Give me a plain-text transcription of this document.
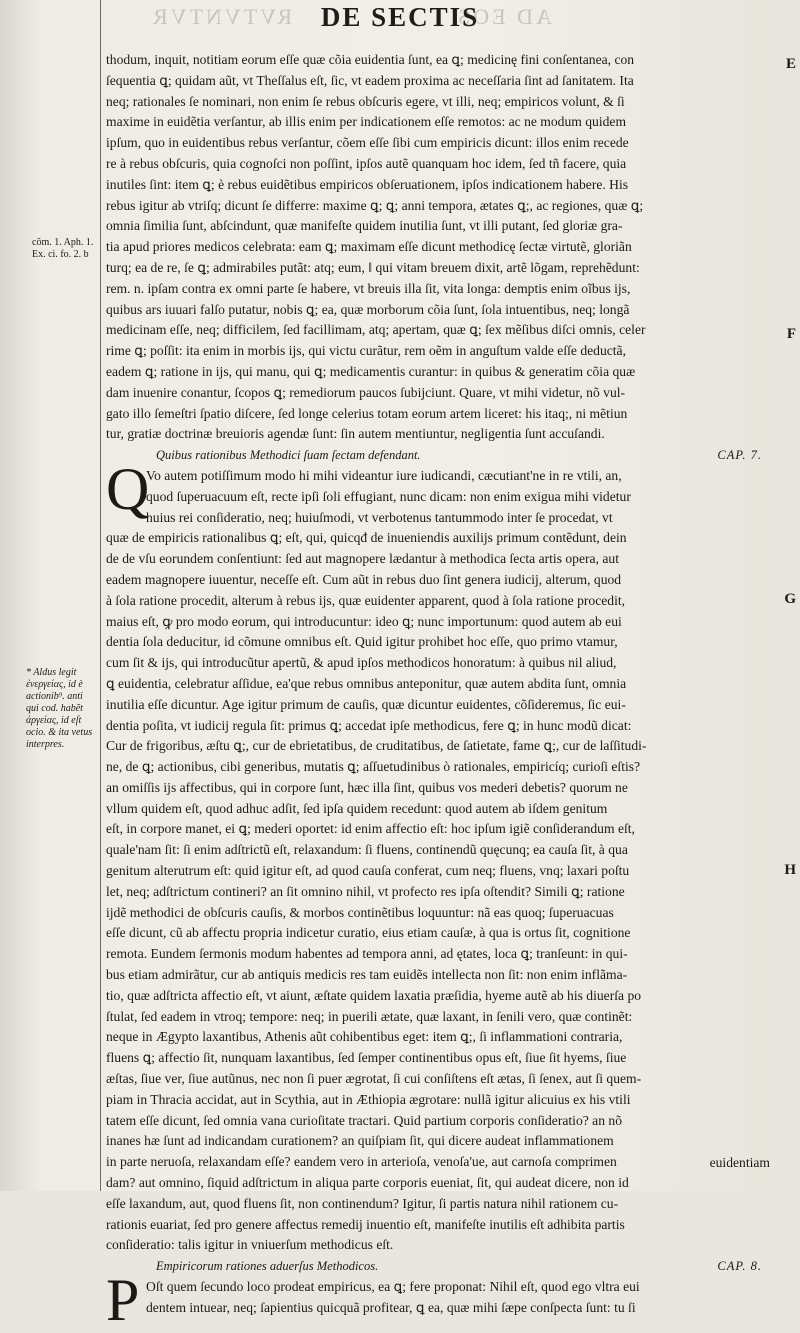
RVTVNTVR	AD EOS
DE SECTIS
cõm. 1. Aph. 1. Ex. ci. fo. 2. b
* Aldus legit ἐνεργείας, id è actionib⁹. anti qui cod. habẽt ἀργείας, id eſt ocio. & ita vetus interpres.
E
F
G
H
thodum, inquit, notitiam eorum eſſe quæ cõia euidentia ſunt, ea ꝗ; medicinę fini conſentanea, con
ſequentia ꝗ; quidam aũt, vt Theſſalus eſt, ſic, vt eadem proxima ac neceſſaria ſint ad ſanitatem. Ita
neq; rationales ſe nominari, non enim ſe rebus obſcuris egere, vt illi, neq; empiricos volunt, & ſi
maxime in euidẽtia verſantur, ab illis enim per indicationem eſſe remotos: ac ne modum quidem
ipſum, quo in euidentibus rebus verſantur, cõem eſſe ſibi cum empiricis dicunt: illos enim recede
re à rebus obſcuris, quia cognoſci non poſſint, ipſos autẽ quanquam hoc idem, ſed tñ facere, quia
inutiles ſint: item ꝗ; è rebus euidẽtibus empiricos obſeruationem, ipſos indicationem habere. His
rebus igitur ab vtriſq; dicunt ſe differre: maxime ꝗ; ꝗ; anni tempora, ætates ꝗ;, ac regiones, quæ ꝗ;
omnia ſimilia ſunt, abſcindunt, quæ manifeſte quidem inutilia ſunt, vt illi putant, ſed gloriæ gra-
tia apud priores medicos celebrata: eam ꝗ; maximam eſſe dicunt methodicę ſectæ virtutẽ, gloriãn
turq; ea de re, ſe ꝗ; admirabiles putãt: atq; eum, ‖ qui vitam breuem dixit, artẽ lõgam, reprehẽdunt:
rem. n. ipſam contra ex omni parte ſe habere, vt breuis illa ſit, vita longa: demptis enim oĩbus ijs,
quibus ars iuuari falſo putatur, nobis ꝗ; ea, quæ morborum cõia ſunt, ſola intuentibus, neq; longã
medicinam eſſe, neq; difficilem, ſed facillimam, atq; apertam, quæ ꝗ; ſex mẽſibus diſci omnis, celer
rime ꝗ; poſſit: ita enim in morbis ijs, qui victu curãtur, rem oẽm in anguſtum valde eſſe deductã,
eadem ꝗ; ratione in ijs, qui manu, qui ꝗ; medicamentis curantur: in quibus & generatim cõia quæ
dam inuenire conantur, ſcopos ꝗ; remediorum paucos ſubijciunt. Quare, vt mihi videtur, nõ vul-
gato illo ſemeſtri ſpatio diſcere, ſed longe celerius totam eorum artem liceret: his itaq;, ni mẽtiun
tur, gratiæ doctrinæ breuioris agendæ ſunt: ſin autem mentiuntur, negligentia ſunt accuſandi.
Quibus rationibus Methodici ſuam ſectam defendant.	CAP. 7.
Q
Vo autem potiſſimum modo hi mihi videantur iure iudicandi, cæcutiant'ne in re vtili, an,
quod ſuperuacuum eſt, recte ipſi ſoli effugiant, nunc dicam: non enim exigua mihi videtur
huius rei conſideratio, neq; huiuſmodi, vt verbotenus tantummodo inter ſe procedat, vt
quæ de empiricis rationalibus ꝗ; eſt, qui, quicqđ de inueniendis auxilijs primum contẽdunt, dein
de de vſu eorundem conſentiunt: ſed aut magnopere lædantur à methodica ſecta artis opera, aut
eadem magnopere iuuentur, neceſſe eſt. Cum aũt in rebus duo ſint genera iudicij, alterum, quod
à ſola ratione procedit, alterum à rebus ijs, quæ euidenter apparent, quod à ſola ratione procedit,
maius eſt, ꝙ pro modo eorum, qui introducuntur: ideo ꝗ; nunc importunum: quod autem ab eui
dentia ſola deducitur, id cõmune omnibus eſt. Quid igitur prohibet hoc eſſe, quo primo vtamur,
cum ſit & ijs, qui introducũtur apertũ, & apud ipſos methodicos honoratum: à quibus nil aliud,
ꝗ euidentia, celebratur aſſidue, ea'que rebus omnibus anteponitur, quæ autem abdita ſunt, omnia
inutilia eſſe dicuntur. Age igitur primum de cauſis, quæ dicuntur euidentes, cõſideremus, ſic eui-
dentia poſita, vt iudicij regula ſit: primus ꝗ; accedat ipſe methodicus, fere ꝗ; in hunc modũ dicat:
Cur de frigoribus, æſtu ꝗ;, cur de ebrietatibus, de cruditatibus, de ſatietate, fame ꝗ;, cur de laſſitudi-
ne, de ꝗ; actionibus, cibi generibus, mutatis ꝗ; aſſuetudinibus ò rationales, empiricíq; curioſi eſtis?
an omiſſis ijs affectibus, qui in corpore ſunt, hæc illa ſint, quibus vos mederi debetis? quorum ne
vllum quidem eſt, quod adhuc adſit, ſed ipſa quidem recedunt: quod autem ab iſdem genitum
eſt, in corpore manet, ei ꝗ; mederi oportet: id enim affectio eſt: hoc ipſum igiẽ conſiderandum eſt,
quale'nam ſit: ſi enim adſtrictũ eſt, relaxandum: ſi fluens, continendũ quęcunq; ea cauſa ſit, à qua
genitum alterutrum eſt: quid igitur eſt, ad quod cauſa conferat, cum neq; fluens, vnq; laxari poſtu
let, neq; adſtrictum contineri? an ſit omnino nihil, vt profecto res ipſa oſtendit? Simili ꝗ; ratione
ijdẽ methodici de obſcuris cauſis, & morbos continẽtibus loquuntur: nã eas quoq; ſuperuacuas
eſſe dicunt, cũ ab affectu propria indicetur curatio, eius etiam cauſæ, à qua is ortus ſit, cognitione
remota. Eundem ſermonis modum habentes ad tempora anni, ad ętates, loca ꝗ; tranſeunt: in qui-
bus etiam admirãtur, cur ab antiquis medicis res tam euidẽs intellecta non ſit: non enim inflãma-
tio, quæ adſtricta affectio eſt, vt aiunt, æſtate quidem laxatia præſidia, hyeme autẽ ab his diuerſa po
ſtulat, ſed eadem in vtroq; tempore: neq; in puerili ætate, quæ laxant, in ſenili vero, quæ continẽt:
neque in Ægypto laxantibus, Athenis aũt cohibentibus eget: item ꝗ;, ſi inflammationi contraria,
fluens ꝗ; affectio ſit, nunquam laxantibus, ſed ſemper continentibus opus eſt, ſiue ſit hyems, ſiue
æſtas, ſiue ver, ſiue autũnus, nec non ſi puer ægrotat, ſi cui conſiſtens eſt ætas, ſi ſenex, aut ſi quem-
piam in Thracia accidat, aut in Scythia, aut in Æthiopia ægrotare: nullã igitur alicuius ex his vtili
tatem eſſe dicunt, ſed omnia vana curioſitate tractari. Quid partium corporis conſideratio? an nõ
inanes hæ ſunt ad indicandam curationem? an quiſpiam ſit, qui dicere audeat inflammationem
in parte neruoſa, relaxandam eſſe? eandem vero in arterioſa, venoſa'ue, aut carnoſa comprimen
dam? aut omnino, ſiquid adſtrictum in aliqua parte corporis eueniat, ſit, qui audeat dicere, non id
eſſe laxandum, aut, quod fluens ſit, non continendum? Igitur, ſi partis natura nihil rationem cu-
rationis euariat, ſed pro genere affectus remedij inuentio eſt, manifeſte inutilis eſt adhibita partis
conſideratio: talis igitur in vniuerſum methodicus eſt.
Empiricorum rationes aduerſus Methodicos.	CAP. 8.
P Oſt quem ſecundo loco prodeat empiricus, ea ꝗ; fere proponat: Nihil eſt, quod ego vltra eui
dentem intuear, neq; ſapientius quicquã profitear, ꝗ ea, quæ mihi ſæpe conſpecta ſunt: tu ſi
euidentiam
